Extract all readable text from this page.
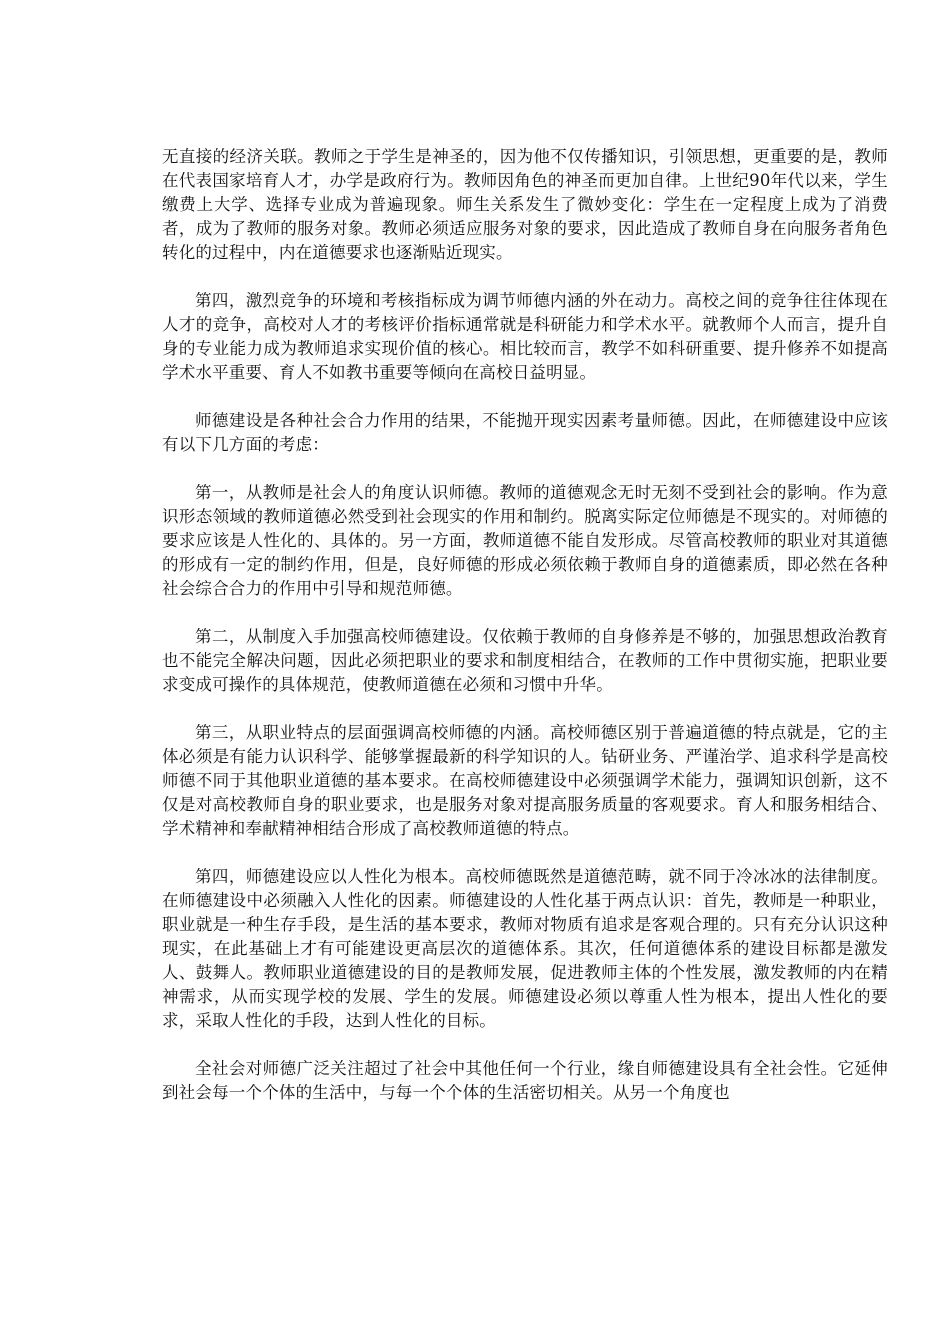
无直接的经济关联。教师之于学生是神圣的，因为他不仅传播知识，引领思想，更重要的是，教师在代表国家培育人才，办学是政府行为。教师因角色的神圣而更加自律。上世纪90年代以来，学生缴费上大学、选择专业成为普遍现象。师生关系发生了微妙变化：学生在一定程度上成为了消费者，成为了教师的服务对象。教师必须适应服务对象的要求，因此造成了教师自身在向服务者角色转化的过程中，内在道德要求也逐渐贴近现实。

第四，激烈竞争的环境和考核指标成为调节师德内涵的外在动力。高校之间的竞争往往体现在人才的竞争，高校对人才的考核评价指标通常就是科研能力和学术水平。就教师个人而言，提升自身的专业能力成为教师追求实现价值的核心。相比较而言，教学不如科研重要、提升修养不如提高学术水平重要、育人不如教书重要等倾向在高校日益明显。

师德建设是各种社会合力作用的结果，不能抛开现实因素考量师德。因此，在师德建设中应该有以下几方面的考虑：

第一，从教师是社会人的角度认识师德。教师的道德观念无时无刻不受到社会的影响。作为意识形态领域的教师道德必然受到社会现实的作用和制约。脱离实际定位师德是不现实的。对师德的要求应该是人性化的、具体的。另一方面，教师道德不能自发形成。尽管高校教师的职业对其道德的形成有一定的制约作用，但是，良好师德的形成必须依赖于教师自身的道德素质，即必然在各种社会综合合力的作用中引导和规范师德。

第二，从制度入手加强高校师德建设。仅依赖于教师的自身修养是不够的，加强思想政治教育也不能完全解决问题，因此必须把职业的要求和制度相结合，在教师的工作中贯彻实施，把职业要求变成可操作的具体规范，使教师道德在必须和习惯中升华。

第三，从职业特点的层面强调高校师德的内涵。高校师德区别于普遍道德的特点就是，它的主体必须是有能力认识科学、能够掌握最新的科学知识的人。钻研业务、严谨治学、追求科学是高校师德不同于其他职业道德的基本要求。在高校师德建设中必须强调学术能力，强调知识创新，这不仅是对高校教师自身的职业要求，也是服务对象对提高服务质量的客观要求。育人和服务相结合、学术精神和奉献精神相结合形成了高校教师道德的特点。

第四，师德建设应以人性化为根本。高校师德既然是道德范畴，就不同于冷冰冰的法律制度。在师德建设中必须融入人性化的因素。师德建设的人性化基于两点认识：首先，教师是一种职业，职业就是一种生存手段，是生活的基本要求，教师对物质有追求是客观合理的。只有充分认识这种现实，在此基础上才有可能建设更高层次的道德体系。其次，任何道德体系的建设目标都是激发人、鼓舞人。教师职业道德建设的目的是教师发展，促进教师主体的个性发展，激发教师的内在精神需求，从而实现学校的发展、学生的发展。师德建设必须以尊重人性为根本，提出人性化的要求，采取人性化的手段，达到人性化的目标。

全社会对师德广泛关注超过了社会中其他任何一个行业，缘自师德建设具有全社会性。它延伸到社会每一个个体的生活中，与每一个个体的生活密切相关。从另一个角度也
